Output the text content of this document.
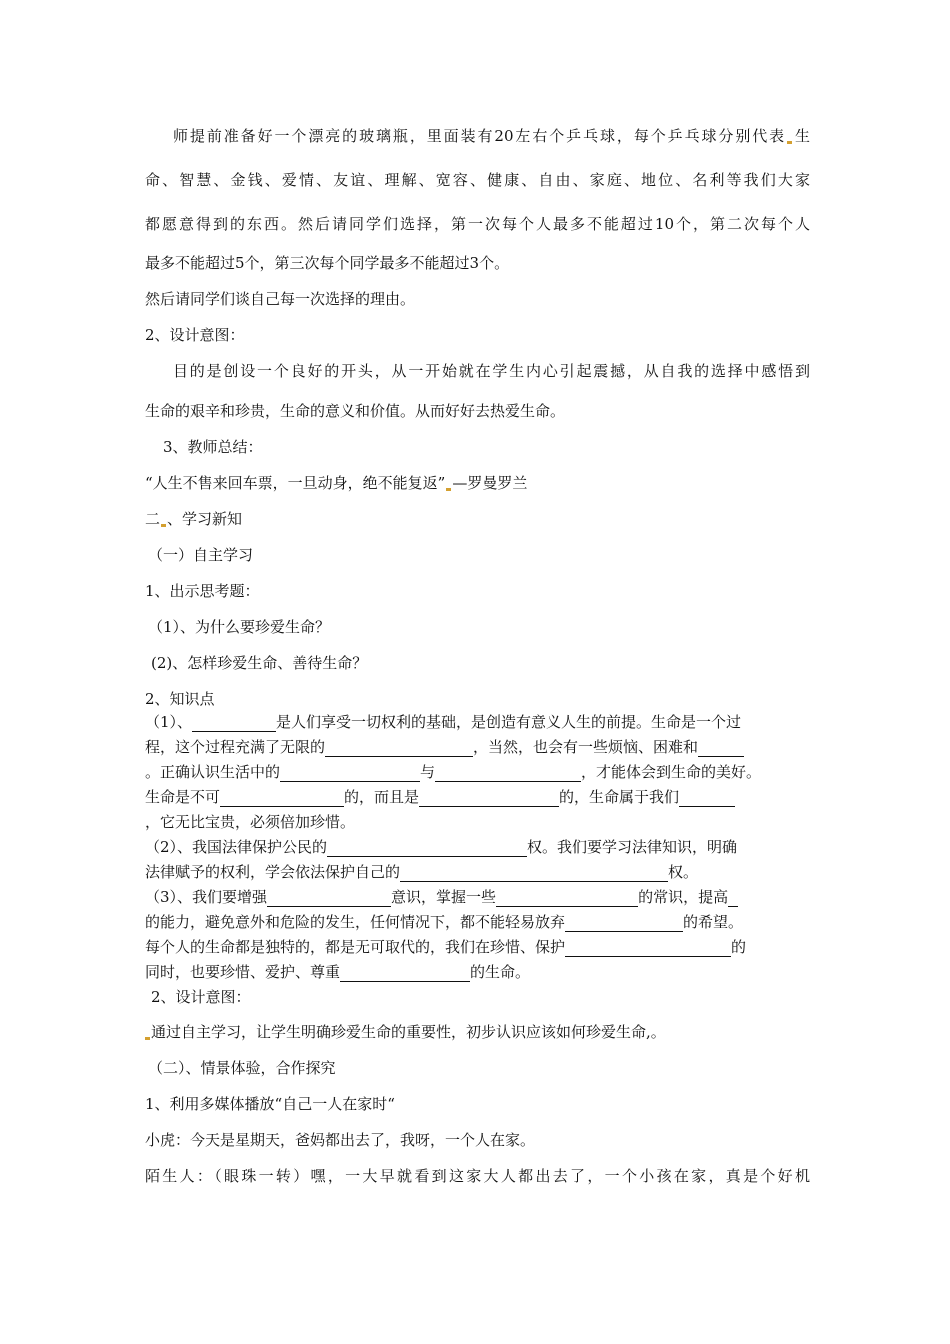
师提前准备好一个漂亮的玻璃瓶，里面装有20左右个乒乓球，每个乒乓球分别代表 生
命、智慧、金钱、爱情、友谊、理解、宽容、健康、自由、家庭、地位、名利等我们大家
都愿意得到的东西。然后请同学们选择，第一次每个人最多不能超过10个，第二次每个人
最多不能超过5个，第三次每个同学最多不能超过3个。
然后请同学们谈自己每一次选择的理由。
2、设计意图：
目的是创设一个良好的开头，从一开始就在学生内心引起震撼，从自我的选择中感悟到
生命的艰辛和珍贵，生命的意义和价值。从而好好去热爱生命。
3、教师总结：
“人生不售来回车票，一旦动身，绝不能复返” —罗曼罗兰
二 、学习新知
（一）自主学习
1、出示思考题：
（1）、为什么要珍爱生命？
(2)、怎样珍爱生命、善待生命？
2、知识点
（1）、	是人们享受一切权利的基础，是创造有意义人生的前提。生命是一个过
程，这个过程充满了无限的	，当然，也会有一些烦恼、困难和
。正确认识生活中的	与	，才能体会到生命的美好。
生命是不可	的，而且是	的，生命属于我们
，它无比宝贵，必须倍加珍惜。
（2）、我国法律保护公民的	权。我们要学习法律知识，明确
法律赋予的权利，学会依法保护自己的	权。
（3）、我们要增强	意识，掌握一些	的常识，提高
的能力，避免意外和危险的发生，任何情况下，都不能轻易放弃	的希望。
每个人的生命都是独特的，都是无可取代的，我们在珍惜、保护	的
同时，也要珍惜、爱护、尊重	的生命。
2、设计意图：
通过自主学习，让学生明确珍爱生命的重要性，初步认识应该如何珍爱生命,。
（二）、情景体验，合作探究
1、利用多媒体播放“自己一人在家时“
小虎：今天是星期天，爸妈都出去了，我呀，一个人在家。
陌生人：（眼珠一转）嘿，一大早就看到这家大人都出去了，一个小孩在家，真是个好机
